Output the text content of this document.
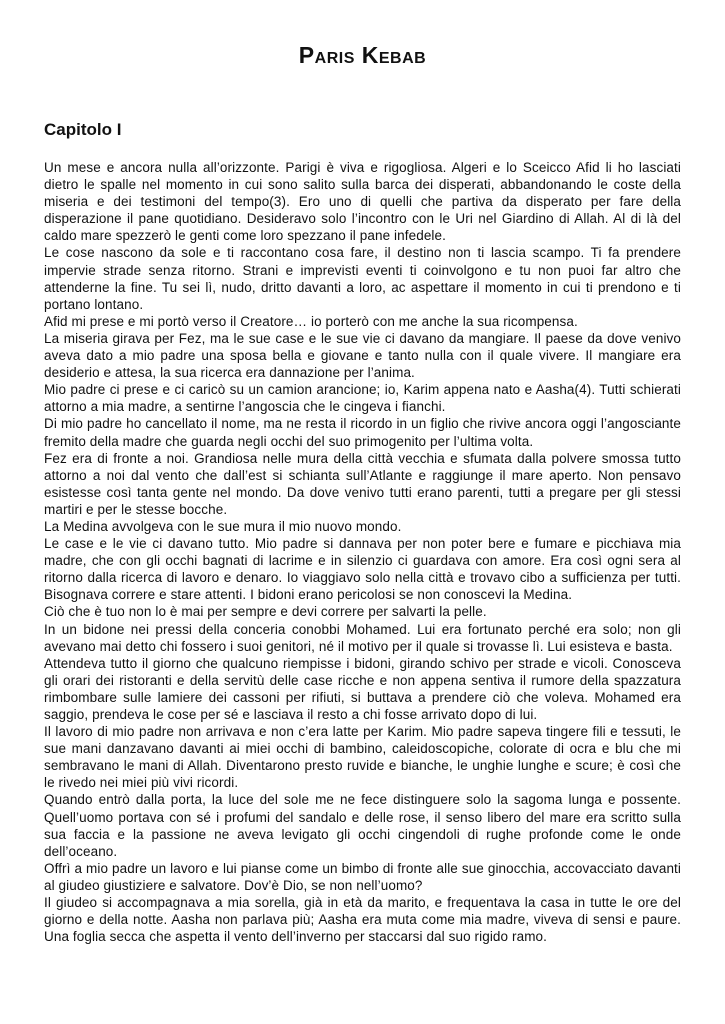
Paris Kebab
Capitolo I

Un mese e ancora nulla all’orizzonte. Parigi è viva e rigogliosa. Algeri e lo Sceicco Afid li ho lasciati dietro le spalle nel momento in cui sono salito sulla barca dei disperati, abbandonando le coste della miseria e dei testimoni del tempo(3). Ero uno di quelli che partiva da disperato per fare della disperazione il pane quotidiano. Desideravo solo l’incontro con le Uri nel Giardino di Allah. Al di là del caldo mare spezzerò le genti come loro spezzano il pane infedele.

Le cose nascono da sole e ti raccontano cosa fare, il destino non ti lascia scampo. Ti fa prendere impervie strade senza ritorno. Strani e imprevisti eventi ti coinvolgono e tu non puoi far altro che attenderne la fine. Tu sei lì, nudo, dritto davanti a loro, ac aspettare il momento in cui ti prendono e ti portano lontano.

Afid mi prese e mi portò verso il Creatore… io porterò con me anche la sua ricompensa.

La miseria girava per Fez, ma le sue case e le sue vie ci davano da mangiare. Il paese da dove venivo aveva dato a mio padre una sposa bella e giovane e tanto nulla con il quale vivere. Il mangiare era desiderio e attesa, la sua ricerca era dannazione per l’anima.

Mio padre ci prese e ci caricò su un camion arancione; io, Karim appena nato e Aasha(4). Tutti schierati attorno a mia madre, a sentirne l’angoscia che le cingeva i fianchi.

Di mio padre ho cancellato il nome, ma ne resta il ricordo in un figlio che rivive ancora oggi l’angosciante fremito della madre che guarda negli occhi del suo primogenito per l’ultima volta.

Fez era di fronte a noi. Grandiosa nelle mura della città vecchia e sfumata dalla polvere smossa tutto attorno a noi dal vento che dall’est si schianta sull’Atlante e raggiunge il mare aperto. Non pensavo esistesse così tanta gente nel mondo. Da dove venivo tutti erano parenti, tutti a pregare per gli stessi martiri e per le stesse bocche.

La Medina avvolgeva con le sue mura il mio nuovo mondo.

Le case e le vie ci davano tutto. Mio padre si dannava per non poter bere e fumare e picchiava mia madre, che con gli occhi bagnati di lacrime e in silenzio ci guardava con amore. Era così ogni sera al ritorno dalla ricerca di lavoro e denaro. Io viaggiavo solo nella città e trovavo cibo a sufficienza per tutti. Bisognava correre e stare attenti. I bidoni erano pericolosi se non conoscevi la Medina.

Ciò che è tuo non lo è mai per sempre e devi correre per salvarti la pelle.

In un bidone nei pressi della conceria conobbi Mohamed. Lui era fortunato perché era solo; non gli avevano mai detto chi fossero i suoi genitori, né il motivo per il quale si trovasse lì. Lui esisteva e basta.

Attendeva tutto il giorno che qualcuno riempisse i bidoni, girando schivo per strade e vicoli. Conosceva gli orari dei ristoranti e della servitù delle case ricche e non appena sentiva il rumore della spazzatura rimbombare sulle lamiere dei cassoni per rifiuti, si buttava a prendere ciò che voleva. Mohamed era saggio, prendeva le cose per sé e lasciava il resto a chi fosse arrivato dopo di lui.

Il lavoro di mio padre non arrivava e non c’era latte per Karim. Mio padre sapeva tingere fili e tessuti, le sue mani danzavano davanti ai miei occhi di bambino, caleidoscopiche, colorate di ocra e blu che mi sembravano le mani di Allah. Diventarono presto ruvide e bianche, le unghie lunghe e scure; è così che le rivedo nei miei più vivi ricordi.

Quando entrò dalla porta, la luce del sole me ne fece distinguere solo la sagoma lunga e possente. Quell’uomo portava con sé i profumi del sandalo e delle rose, il senso libero del mare era scritto sulla sua faccia e la passione ne aveva levigato gli occhi cingendoli di rughe profonde come le onde dell’oceano.

Offrì a mio padre un lavoro e lui pianse come un bimbo di fronte alle sue ginocchia, accovacciato davanti al giudeo giustiziere e salvatore. Dov’è Dio, se non nell’uomo?

Il giudeo si accompagnava a mia sorella, già in età da marito, e frequentava la casa in tutte le ore del giorno e della notte. Aasha non parlava più; Aasha era muta come mia madre, viveva di sensi e paure. Una foglia secca che aspetta il vento dell’inverno per staccarsi dal suo rigido ramo.
